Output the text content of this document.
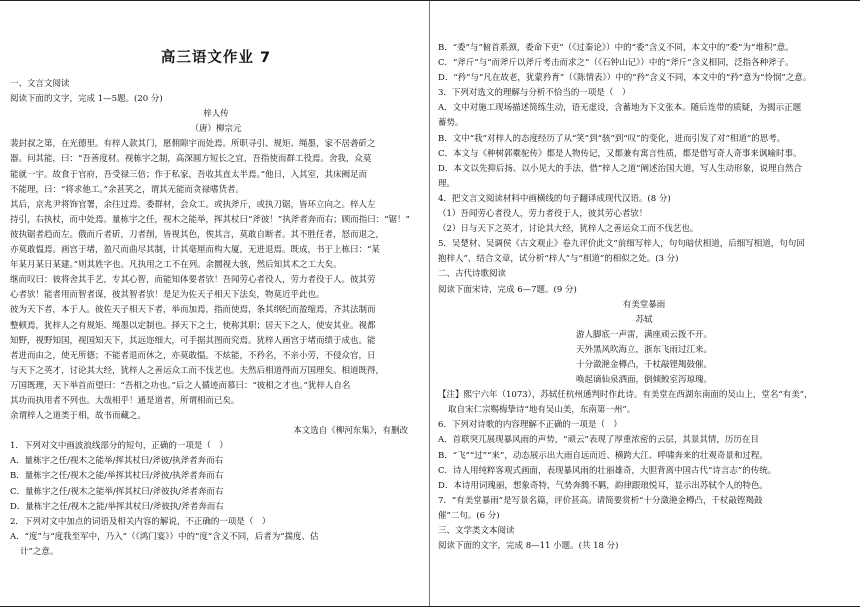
高三语文作业 7
一、文言文阅读
阅读下面的文字，完成 1—5题。(20 分)
梓人传
（唐）柳宗元
裴封叔之第，在光德里。有梓人款其门，愿佣隙宇而处焉。所职寻引、规矩、绳墨，家不居砻斫之
器。问其能，曰：“吾善度材。视栋宇之制，高深圆方短长之宜，吾指使而群工役焉。舍我，众莫
能就一宇。故食于官府，吾受禄三倍；作于私家，吾收其直太半焉。”他日，入其室，其床阙足而
不能理，曰：“将求他工。”余甚笑之，谓其无能而贪禄嗜货者。
其后，京兆尹将饰官署，余往过焉。委群材，会众工。或执斧斤，或执刀锯，皆环立向之。梓人左
持引，右执杖，而中处焉。量栋宇之任，视木之能举，挥其杖曰“斧彼！”执斧者奔而右；顾而指曰：“锯！”
彼执锯者趋而左。俄而斤者斫，刀者削，皆视其色，俟其言，莫敢自断者。其不胜任者，怒而退之，
亦莫敢愠焉。画宫于堵，盈尺而曲尽其制，计其毫厘而构大厦，无进退焉。既成，书于上栋曰：“某
年某月某日某建。”则其姓字也。凡执用之工不在列。余圜视大骇，然后知其术之工大矣。
继而叹曰：彼将舍其手艺，专其心智，而能知体要者欤！吾闻劳心者役人，劳力者役于人。彼其劳
心者欤！能者用而智者谋，彼其智者欤！是足为佐天子相天下法矣，物莫近乎此也。
彼为天下者，本于人。彼佐天子相天下者，举而加焉，指而使焉，条其纲纪而盈缩焉，齐其法制而
整顿焉，犹梓人之有规矩、绳墨以定制也。择天下之士，使称其职；居天下之人，使安其业。视都
知野，视野知国，视国知天下，其远迩细大，可手据其图而究焉。犹梓人画宫于堵而绩于成也。能
者进而由之，使无所德；不能者退而休之，亦莫敢愠。不炫能，不矜名，不亲小劳，不侵众官，日
与天下之英才，讨论其大经，犹梓人之善运众工而不伐艺也。夫然后相道得而万国理矣。相道既得，
万国既理，天下举首而望曰：“吾相之功也。”后之人循迹而慕曰：“彼相之才也。”犹梓人自名
其功而执用者不列也。大哉相乎！通是道者，所谓相而已矣。
余谓梓人之道类于相，故书而藏之。
本文选自《柳河东集》，有删改
1．下列对文中画波浪线部分的短句，正确的一项是（　）
A．量栋宇之任/视木之能举/挥其杖曰/斧彼/执斧者奔而右
B．量栋宇之任/视木之能/举挥其杖曰/斧彼/执斧者奔而右
C．量栋宇之任/视木之能举/挥其杖曰/斧彼执/斧者奔而右
D．量栋宇之任/视木之能/举挥其杖曰/斧彼执/斧者奔而右
2．下列对文中加点的词语及相关内容的解说，不正确的一项是（　）
A．“度”与“度我至军中，乃入”（《鸿门宴》）中的“度”含义不同，后者为“揣度、估
计”之意。
B．“委”与“俯首系颈，委命下吏”（《过秦论》）中的“委”含义不同，本文中的“委”为“堆积”意。
C．“斧斤”与“而斧斤以斧斤考击而求之”（《石钟山记》）中的“斧斤”含义相同，泛指各种斧子。
D．“矜”与“凡在故老，犹蒙矜育”（《陈情表》）中的“矜”含义不同，本文中的“矜”意为“怜悯”之意。
3．下列对选文的理解与分析不恰当的一项是（　）
A．文中对施工现场描述简练生动，语无虚设，含蓄地为下文张本。随后连带的质疑，为揭示正题
蓄势。
B．文中“我”对梓人的态度经历了从“笑”到“骇”到“叹”的变化，进而引发了对“相道”的思考。
C．本文与《种树郭橐驼传》都是人物传记，又都兼有寓言性质，都是借写奇人奇事来讽喻时事。
D．本文以先抑后扬、以小见大的手法，借“梓人之道”阐述治国大道，写人生动形象，说理自然合
理。
4．把文言文阅读材料中画横线的句子翻译成现代汉语。(8 分)
（1）吾闻劳心者役人，劳力者役于人，彼其劳心者欤！
（2）日与天下之英才，讨论其大经，犹梓人之善运众工而不伐艺也。
5．吴楚材、吴调侯《古文观止》卷九评价此文“前细写梓人，句句暗伏相道，后细写相道，句句回
抱梓人”，结合文章，试分析“梓人”与“相道”的相似之处。(3 分)
二、古代诗歌阅读
阅读下面宋诗，完成 6—7题。(9 分)
有美堂暴雨
苏轼
游人脚底一声雷，满座顽云拨不开。
天外黑风吹海立，浙东飞雨过江来。
十分潋滟金樽凸，千杖敲铿羯鼓催。
唤起谪仙泉洒面，倒倾鲛室泻琼瑰。
【注】熙宁六年（1073），苏轼任杭州通判时作此诗。有美堂在西湖东南面的吴山上，堂名“有美”，
取自宋仁宗赐梅挚诗“地有吴山美，东南第一州”。
6．下列对诗歌的内容理解不正确的一项是（　）
A．首联突兀展现暴风雨的声势，“顽云”表现了厚重浓密的云层，其景其情，历历在目
B．“飞”“过”“来”，动态展示出大雨自远而近、横跨大江、呼啸奔来的壮观奇景和过程。
C．诗人用纯粹客观式画面，表现暴风雨的壮丽雄奇，大胆背离中国古代“诗言志”的传统。
D．本诗用词瑰丽，想象奇特，气势奔腾不羁，韵律跟琅悦耳，显示出苏轼个人的特色。
7．“有美堂暴雨”是写景名篇，评价甚高。请简要赏析“十分潋滟金樽凸，千杖敲铿羯鼓
催”二句。(6 分)
三、文学类文本阅读
阅读下面的文字，完成 8—11 小题。(共 18 分)
